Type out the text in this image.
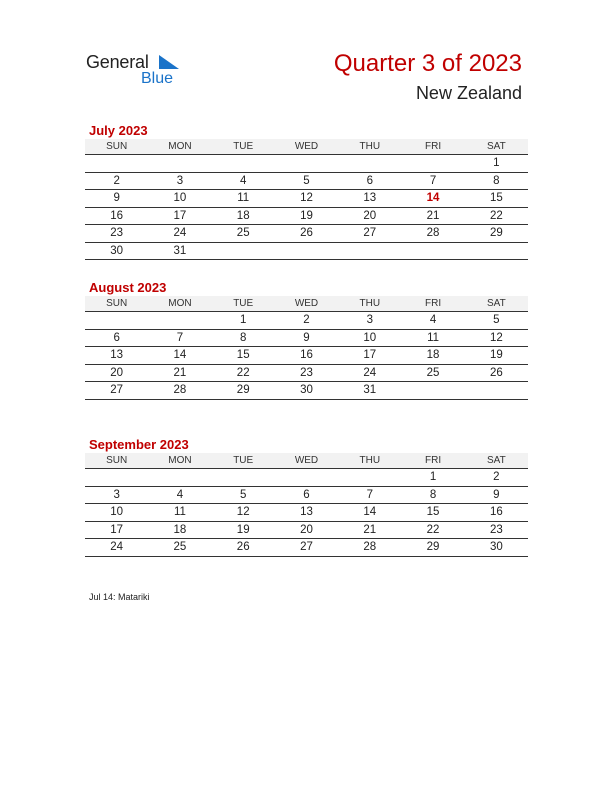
General
Blue
Quarter 3 of 2023
New Zealand
July 2023
SUN	MON	TUE	WED	THU	FRI	SAT
						1
2	3	4	5	6	7	8
9	10	11	12	13	14	15
16	17	18	19	20	21	22
23	24	25	26	27	28	29
30	31					
August 2023
SUN	MON	TUE	WED	THU	FRI	SAT
		1	2	3	4	5
6	7	8	9	10	11	12
13	14	15	16	17	18	19
20	21	22	23	24	25	26
27	28	29	30	31		
September 2023
SUN	MON	TUE	WED	THU	FRI	SAT
					1	2
3	4	5	6	7	8	9
10	11	12	13	14	15	16
17	18	19	20	21	22	23
24	25	26	27	28	29	30
Jul 14: Matariki
